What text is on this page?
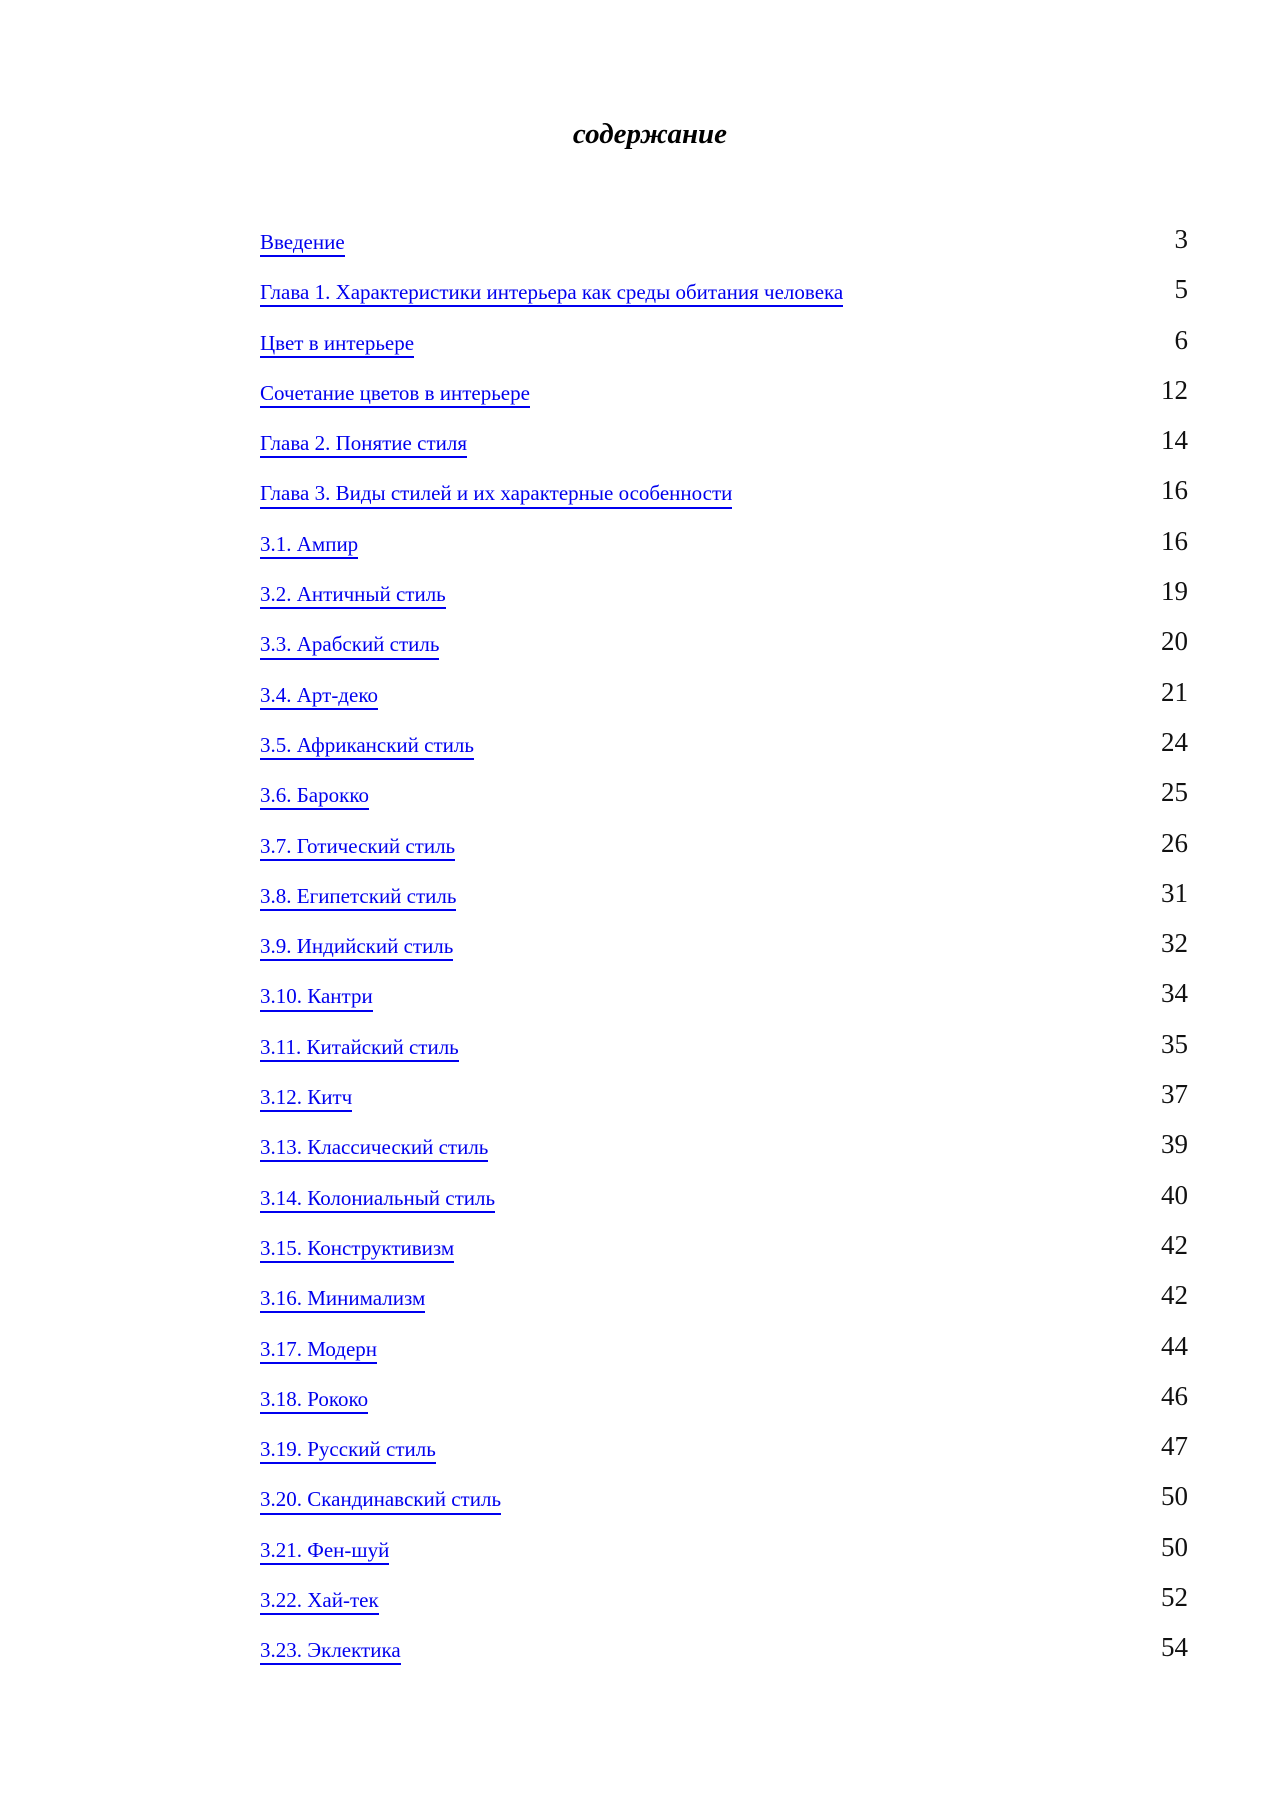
содержание
Введение	3
Глава 1. Характеристики интерьера как среды обитания человека	5
Цвет в интерьере	6
Сочетание цветов в интерьере	12
Глава 2. Понятие стиля	14
Глава 3. Виды стилей и их характерные особенности	16
3.1. Ампир	16
3.2. Античный стиль	19
3.3. Арабский стиль	20
3.4. Арт-деко	21
3.5. Африканский стиль	24
3.6. Барокко	25
3.7. Готический стиль	26
3.8. Египетский стиль	31
3.9. Индийский стиль	32
3.10. Кантри	34
3.11. Китайский стиль	35
3.12. Китч	37
3.13. Классический стиль	39
3.14. Колониальный стиль	40
3.15. Конструктивизм	42
3.16. Минимализм	42
3.17. Модерн	44
3.18. Рококо	46
3.19. Русский стиль	47
3.20. Скандинавский стиль	50
3.21. Фен-шуй	50
3.22. Хай-тек	52
3.23. Эклектика	54
